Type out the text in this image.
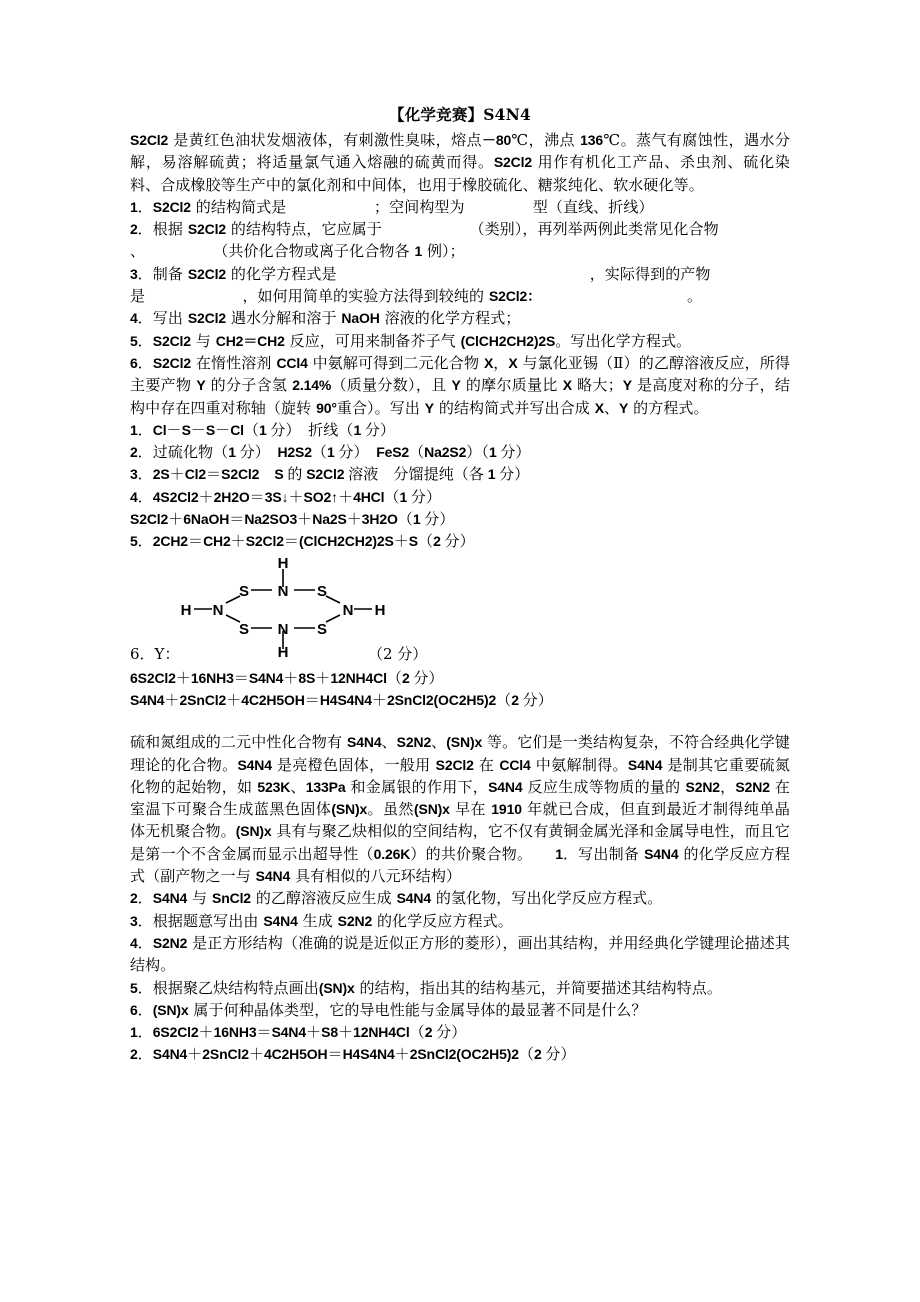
【化学竞赛】S4N4

S2Cl2 是黄红色油状发烟液体，有刺激性臭味，熔点－80℃，沸点 136℃。蒸气有腐蚀性，遇水分解，易溶解硫黄；将适量氯气通入熔融的硫黄而得。S2Cl2 用作有机化工产品、杀虫剂、硫化染料、合成橡胶等生产中的氯化剂和中间体，也用于橡胶硫化、糖浆纯化、软水硬化等。

1．S2Cl2 的结构简式是                  ；空间构型为              型（直线、折线）

2．根据 S2Cl2 的结构特点，它应属于                  （类别），再列举两例此类常见化合物

、              （共价化合物或离子化合物各 1 例）；

3．制备 S2Cl2 的化学方程式是                                                    ，实际得到的产物

是                    ，如何用简单的实验方法得到较纯的 S2Cl2：                              。

4．写出 S2Cl2 遇水分解和溶于 NaOH 溶液的化学方程式；

5．S2Cl2 与 CH2＝CH2 反应，可用来制备芥子气 (ClCH2CH2)2S。写出化学方程式。

6．S2Cl2 在惰性溶剂 CCl4 中氨解可得到二元化合物 X，X 与氯化亚锡（Ⅱ）的乙醇溶液反应，所得主要产物 Y 的分子含氢 2.14%（质量分数），且 Y 的摩尔质量比 X 略大；Y 是高度对称的分子，结构中存在四重对称轴（旋转 90°重合）。写出 Y 的结构简式并写出合成 X、Y 的方程式。

1．Cl－S－S－Cl（1 分）　折线（1 分）

2．过硫化物（1 分）　H2S2（1 分）　FeS2（Na2S2）（1 分）

3．2S＋Cl2＝S2Cl2　 S 的 S2Cl2 溶液　分馏提纯（各 1 分）

4．4S2Cl2＋2H2O＝3S↓＋SO2↑＋4HCl（1 分）

S2Cl2＋6NaOH＝Na2SO3＋Na2S＋3H2O（1 分）

5．2CH2＝CH2＋S2Cl2＝(ClCH2CH2)2S＋S（2 分）

6．Y：	（2 分）
H
H
H	H
S N S
N	N
S N S

6S2Cl2＋16NH3＝S4N4＋8S＋12NH4Cl（2 分）

S4N4＋2SnCl2＋4C2H5OH＝H4S4N4＋2SnCl2(OC2H5)2（2 分）

硫和氮组成的二元中性化合物有 S4N4、S2N2、(SN)x 等。它们是一类结构复杂，不符合经典化学键理论的化合物。S4N4 是亮橙色固体，一般用 S2Cl2 在 CCl4 中氨解制得。S4N4 是制其它重要硫氮化物的起始物，如 523K、133Pa 和金属银的作用下，S4N4 反应生成等物质的量的 S2N2，S2N2 在室温下可聚合生成蓝黑色固体(SN)x。虽然(SN)x 早在 1910 年就已合成，但直到最近才制得纯单晶体无机聚合物。(SN)x 具有与聚乙炔相似的空间结构，它不仅有黄铜金属光泽和金属导电性，而且它是第一个不含金属而显示出超导性（0.26K）的共价聚合物。　　1．写出制备 S4N4 的化学反应方程式（副产物之一与 S4N4 具有相似的八元环结构）

2．S4N4 与 SnCl2 的乙醇溶液反应生成 S4N4 的氢化物，写出化学反应方程式。

3．根据题意写出由 S4N4 生成 S2N2 的化学反应方程式。

4．S2N2 是正方形结构（准确的说是近似正方形的菱形），画出其结构，并用经典化学键理论描述其结构。

5．根据聚乙炔结构特点画出(SN)x 的结构，指出其的结构基元，并简要描述其结构特点。

6．(SN)x 属于何种晶体类型，它的导电性能与金属导体的最显著不同是什么？

1．6S2Cl2＋16NH3＝S4N4＋S8＋12NH4Cl（2 分）

2．S4N4＋2SnCl2＋4C2H5OH＝H4S4N4＋2SnCl2(OC2H5)2（2 分）
